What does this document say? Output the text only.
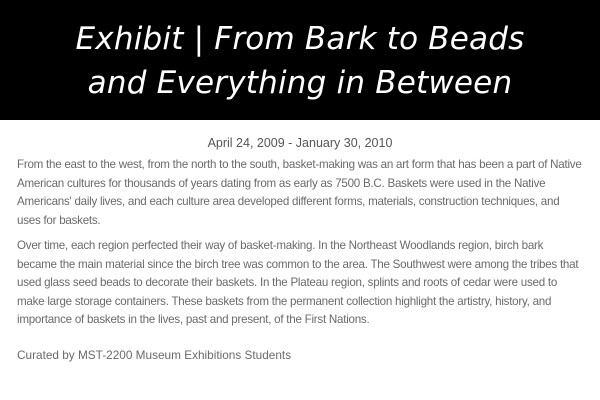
Exhibit | From Bark to Beads
and Everything in Between

April 24, 2009 - January 30, 2010

From the east to the west, from the north to the south, basket-making was an art form that has been a part of Native American cultures for thousands of years dating from as early as 7500 B.C. Baskets were used in the Native Americans' daily lives, and each culture area developed different forms, materials, construction techniques, and uses for baskets.

Over time, each region perfected their way of basket-making. In the Northeast Woodlands region, birch bark became the main material since the birch tree was common to the area. The Southwest were among the tribes that used glass seed beads to decorate their baskets. In the Plateau region, splints and roots of cedar were used to make large storage containers. These baskets from the permanent collection highlight the artistry, history, and importance of baskets in the lives, past and present, of the First Nations.

Curated by MST-2200 Museum Exhibitions Students
